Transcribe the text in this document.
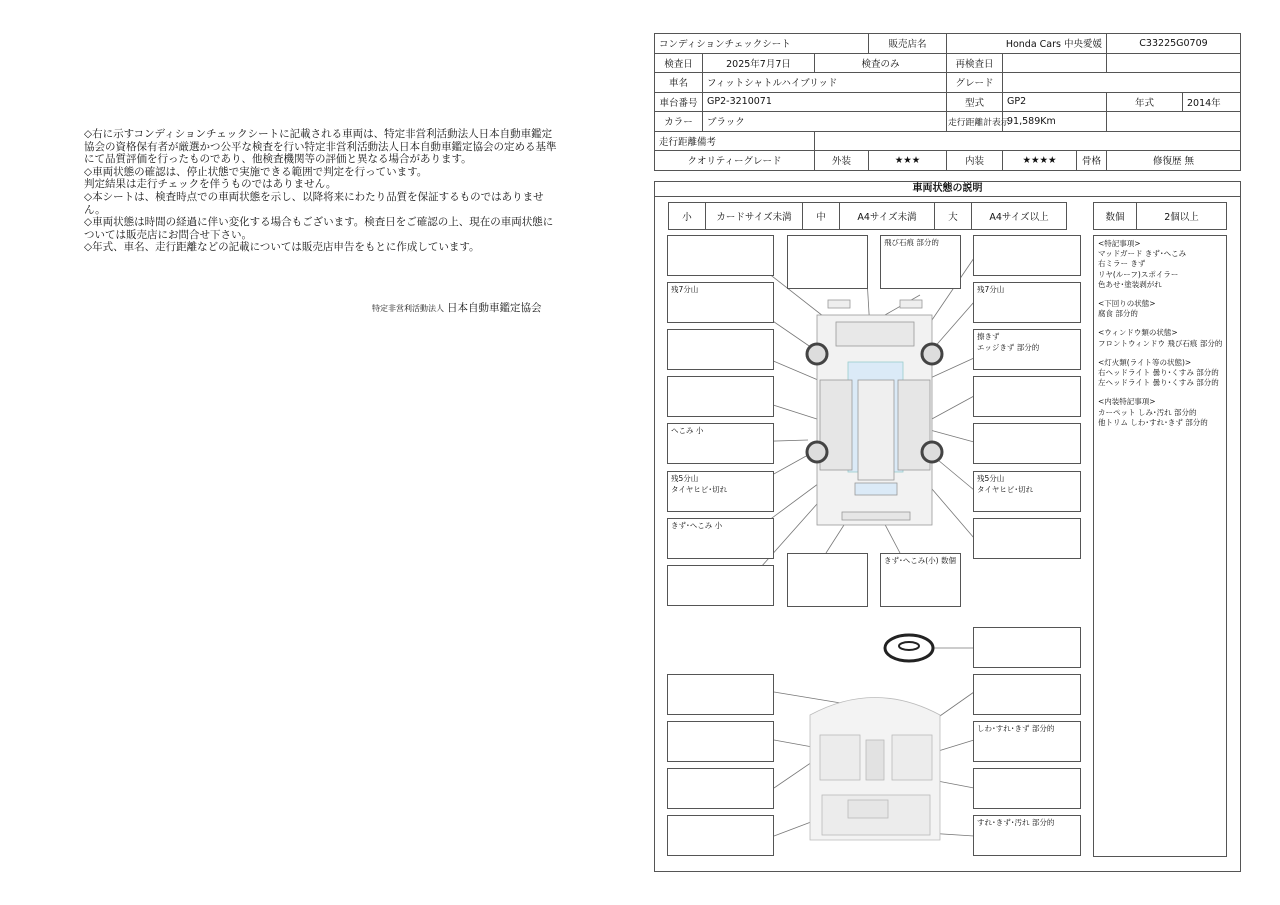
◇右に示すコンディションチェックシートに記載される車両は、特定非営利活動法人日本自動車鑑定協会の資格保有者が厳選かつ公平な検査を行い特定非営利活動法人日本自動車鑑定協会の定める基準にて品質評価を行ったものであり、他検査機関等の評価と異なる場合があります。

◇車両状態の確認は、停止状態で実施できる範囲で判定を行っています。

判定結果は走行チェックを伴うものではありません。

◇本シートは、検査時点での車両状態を示し、以降将来にわたり品質を保証するものではありません。

◇車両状態は時間の経過に伴い変化する場合もございます。検査日をご確認の上、現在の車両状態については販売店にお問合せ下さい。

◇年式、車名、走行距離などの記載については販売店申告をもとに作成しています。

特定非営利活動法人 日本自動車鑑定協会
コンディションチェックシート			販売店名	Honda Cars 中央愛媛			C33225G0709	
検査日	2025年7月7日	検査のみ		再検査日				
車名	フィットシャトルハイブリッド			グレード				
車台番号	GP2-3210071			型式	GP2		年式	2014年
カラー	ブラック			走行距離計表示	91,589Km			
走行距離備考								
クオリティーグレード		外装	★★★	内装	★★★★	骨格	修復歴 無	
車両状態の説明
小	カードサイズ未満	中	A4サイズ未満	大	A4サイズ以上	数個	2個以上
残7分山
へこみ 小
残5分山
タイヤヒビ･切れ
きず･へこみ 小
飛び石痕 部分的
きず･へこみ(小) 数個
残7分山
擦きず
エッジきず 部分的
残5分山
タイヤヒビ･切れ
しわ･すれ･きず 部分的
すれ･きず･汚れ 部分的
<特記事項>
マッドガード きず･へこみ
右ミラー きず
リヤ(ルーフ)スポイラー
色あせ･塗装剥がれ
<下回りの状態>
腐食 部分的
<ウィンドウ類の状態>
フロントウィンドウ 飛び石痕 部分的
<灯火類(ライト等の状態)>
右ヘッドライト 曇り･くすみ 部分的
左ヘッドライト 曇り･くすみ 部分的
<内装特記事項>
カーペット しみ･汚れ 部分的
他トリム しわ･すれ･きず 部分的
